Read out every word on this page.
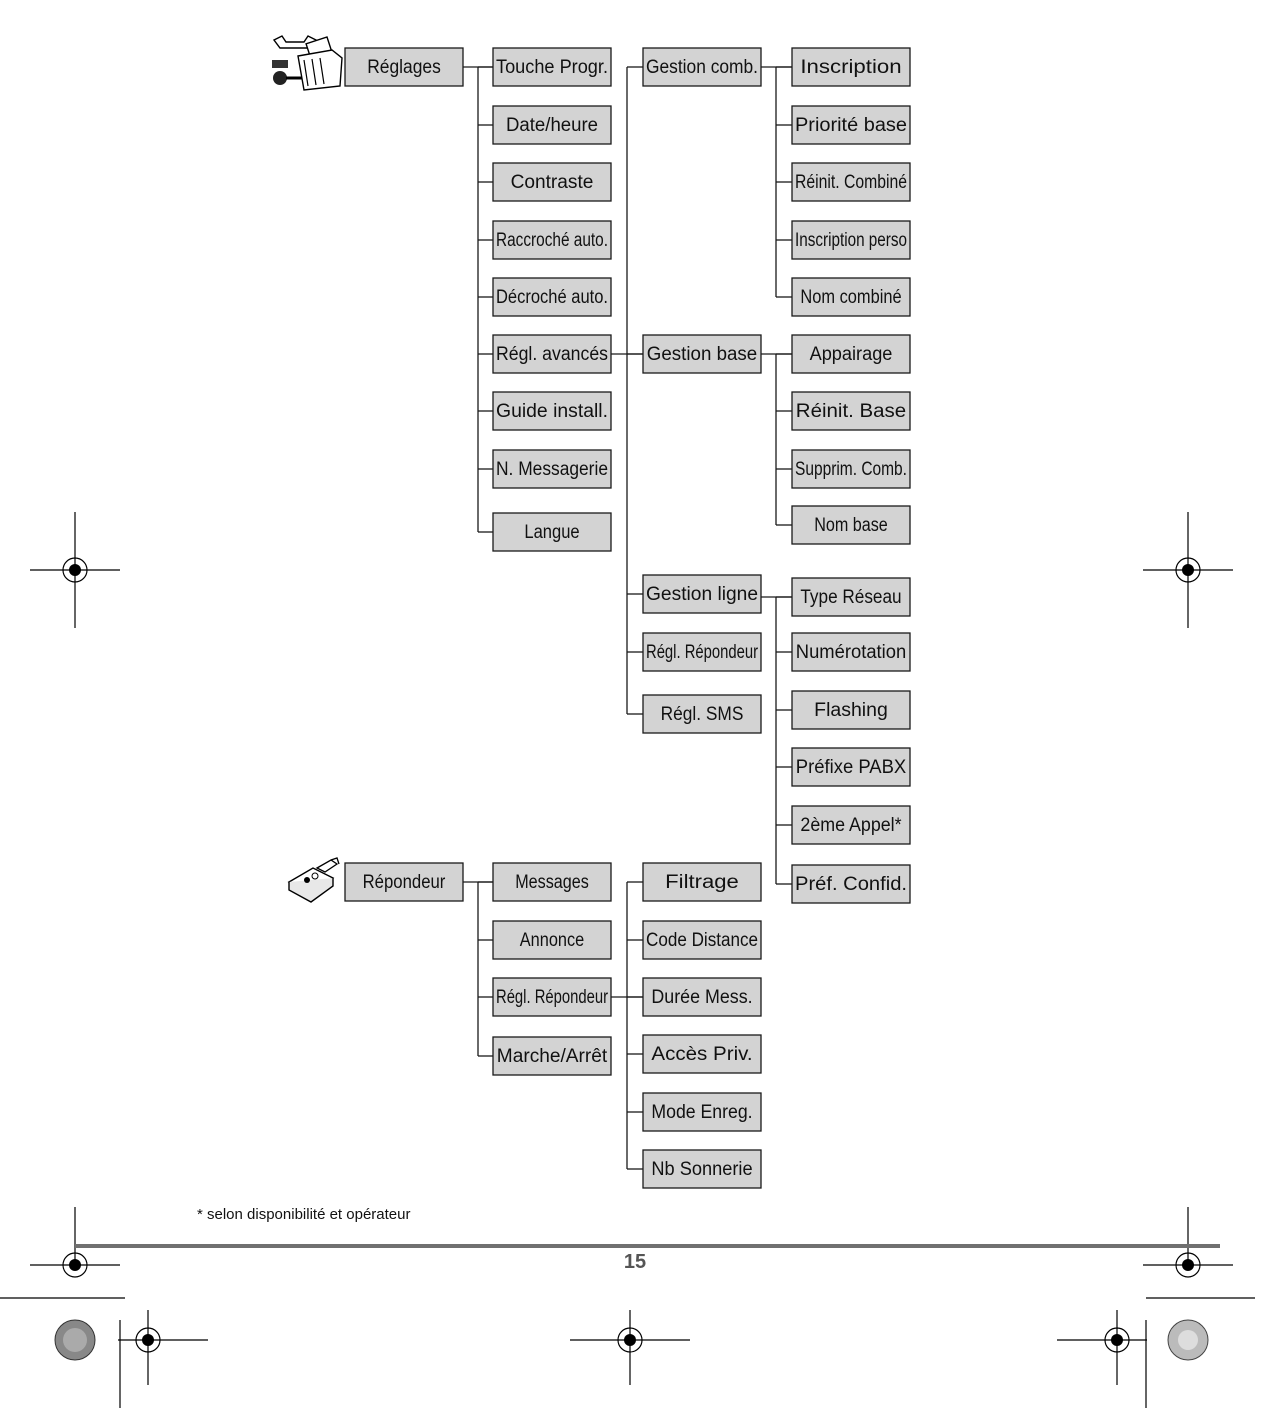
Réglages	Touche Progr.
Date/heure
Contraste
Raccroché auto.
Décroché auto.
Régl. avancés
Guide install.
N. Messagerie
Langue
Gestion comb.
Gestion base
Gestion ligne
Régl. Répondeur
Régl. SMS
Inscription
Priorité base
Réinit. Combiné
Inscription perso
Nom combiné
Appairage
Réinit. Base
Supprim. Comb.
Nom base
Type Réseau
Numérotation
Flashing
Préfixe PABX
2ème Appel*
Préf. Confid.
Répondeur	Messages
Annonce
Régl. Répondeur
Marche/Arrêt
Filtrage
Code Distance
Durée Mess.
Accès Priv.
Mode Enreg.
Nb Sonnerie
* selon disponibilité et opérateur
15
